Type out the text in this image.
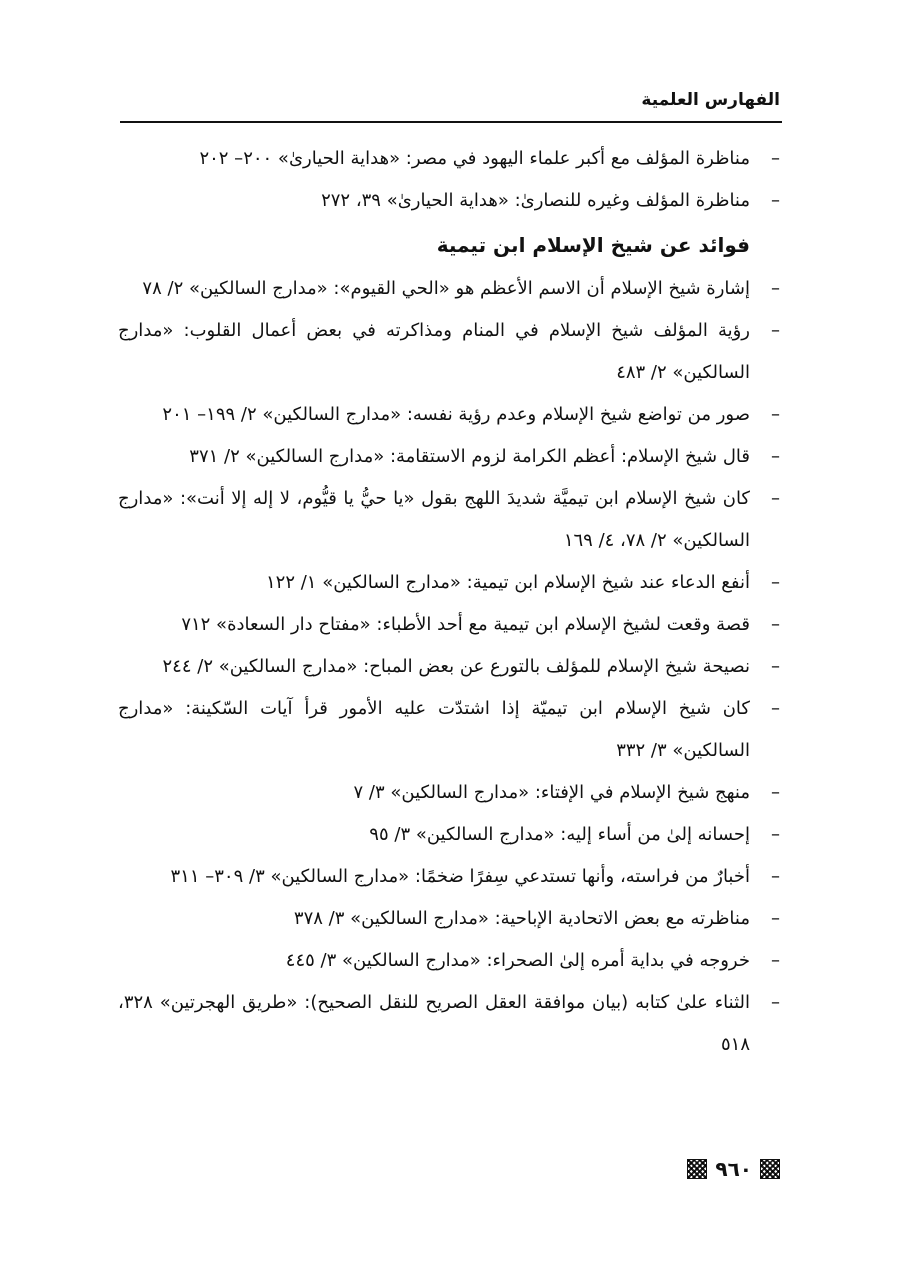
الفهارس العلمية
–
مناظرة المؤلف مع أكبر علماء اليهود في مصر: «هداية الحيارىٰ» ٢٠٠– ٢٠٢
–
مناظرة المؤلف وغيره للنصارىٰ: «هداية الحيارىٰ» ٣٩، ٢٧٢
فوائد عن شيخ الإسلام ابن تيمية
–
إشارة شيخ الإسلام أن الاسم الأعظم هو «الحي القيوم»: «مدارج السالكين» ٢/ ٧٨
–
رؤية المؤلف شيخ الإسلام في المنام ومذاكرته في بعض أعمال القلوب: «مدارج السالكين» ٢/ ٤٨٣
–
صور من تواضع شيخ الإسلام وعدم رؤية نفسه: «مدارج السالكين» ٢/ ١٩٩– ٢٠١
–
قال شيخ الإسلام: أعظم الكرامة لزوم الاستقامة: «مدارج السالكين» ٢/ ٣٧١
–
كان شيخ الإسلام ابن تيميَّة شديدَ اللهج بقول «يا حيُّ يا قيُّوم، لا إله إلا أنت»: «مدارج السالكين» ٢/ ٧٨، ٤/ ١٦٩
–
أنفع الدعاء عند شيخ الإسلام ابن تيمية: «مدارج السالكين» ١/ ١٢٢
–
قصة وقعت لشيخ الإسلام ابن تيمية مع أحد الأطباء: «مفتاح دار السعادة» ٧١٢
–
نصيحة شيخ الإسلام للمؤلف بالتورع عن بعض المباح: «مدارج السالكين» ٢/ ٢٤٤
–
كان شيخ الإسلام ابن تيميّة إذا اشتدّت عليه الأمور قرأ آيات السّكينة: «مدارج السالكين» ٣/ ٣٣٢
–
منهج شيخ الإسلام في الإفتاء: «مدارج السالكين» ٣/ ٧
–
إحسانه إلىٰ من أساء إليه: «مدارج السالكين» ٣/ ٩٥
–
أخبارٌ من فراسته، وأنها تستدعي سِفرًا ضخمًا: «مدارج السالكين» ٣/ ٣٠٩– ٣١١
–
مناظرته مع بعض الاتحادية الإباحية: «مدارج السالكين» ٣/ ٣٧٨
–
خروجه في بداية أمره إلىٰ الصحراء: «مدارج السالكين» ٣/ ٤٤٥
–
الثناء علىٰ كتابه (بيان موافقة العقل الصريح للنقل الصحيح): «طريق الهجرتين» ٣٢٨، ٥١٨
٩٦٠
